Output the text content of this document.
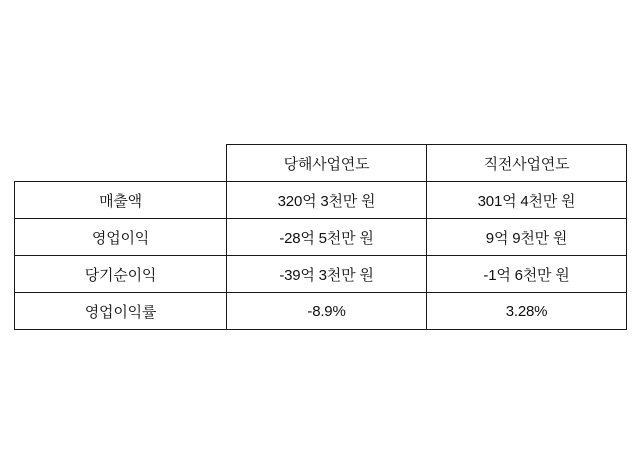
	당해사업연도	직전사업연도
매출액	320억 3천만 원	301억 4천만 원
영업이익	-28억 5천만 원	9억 9천만 원
당기순이익	-39억 3천만 원	-1억 6천만 원
영업이익률	-8.9%	3.28%
